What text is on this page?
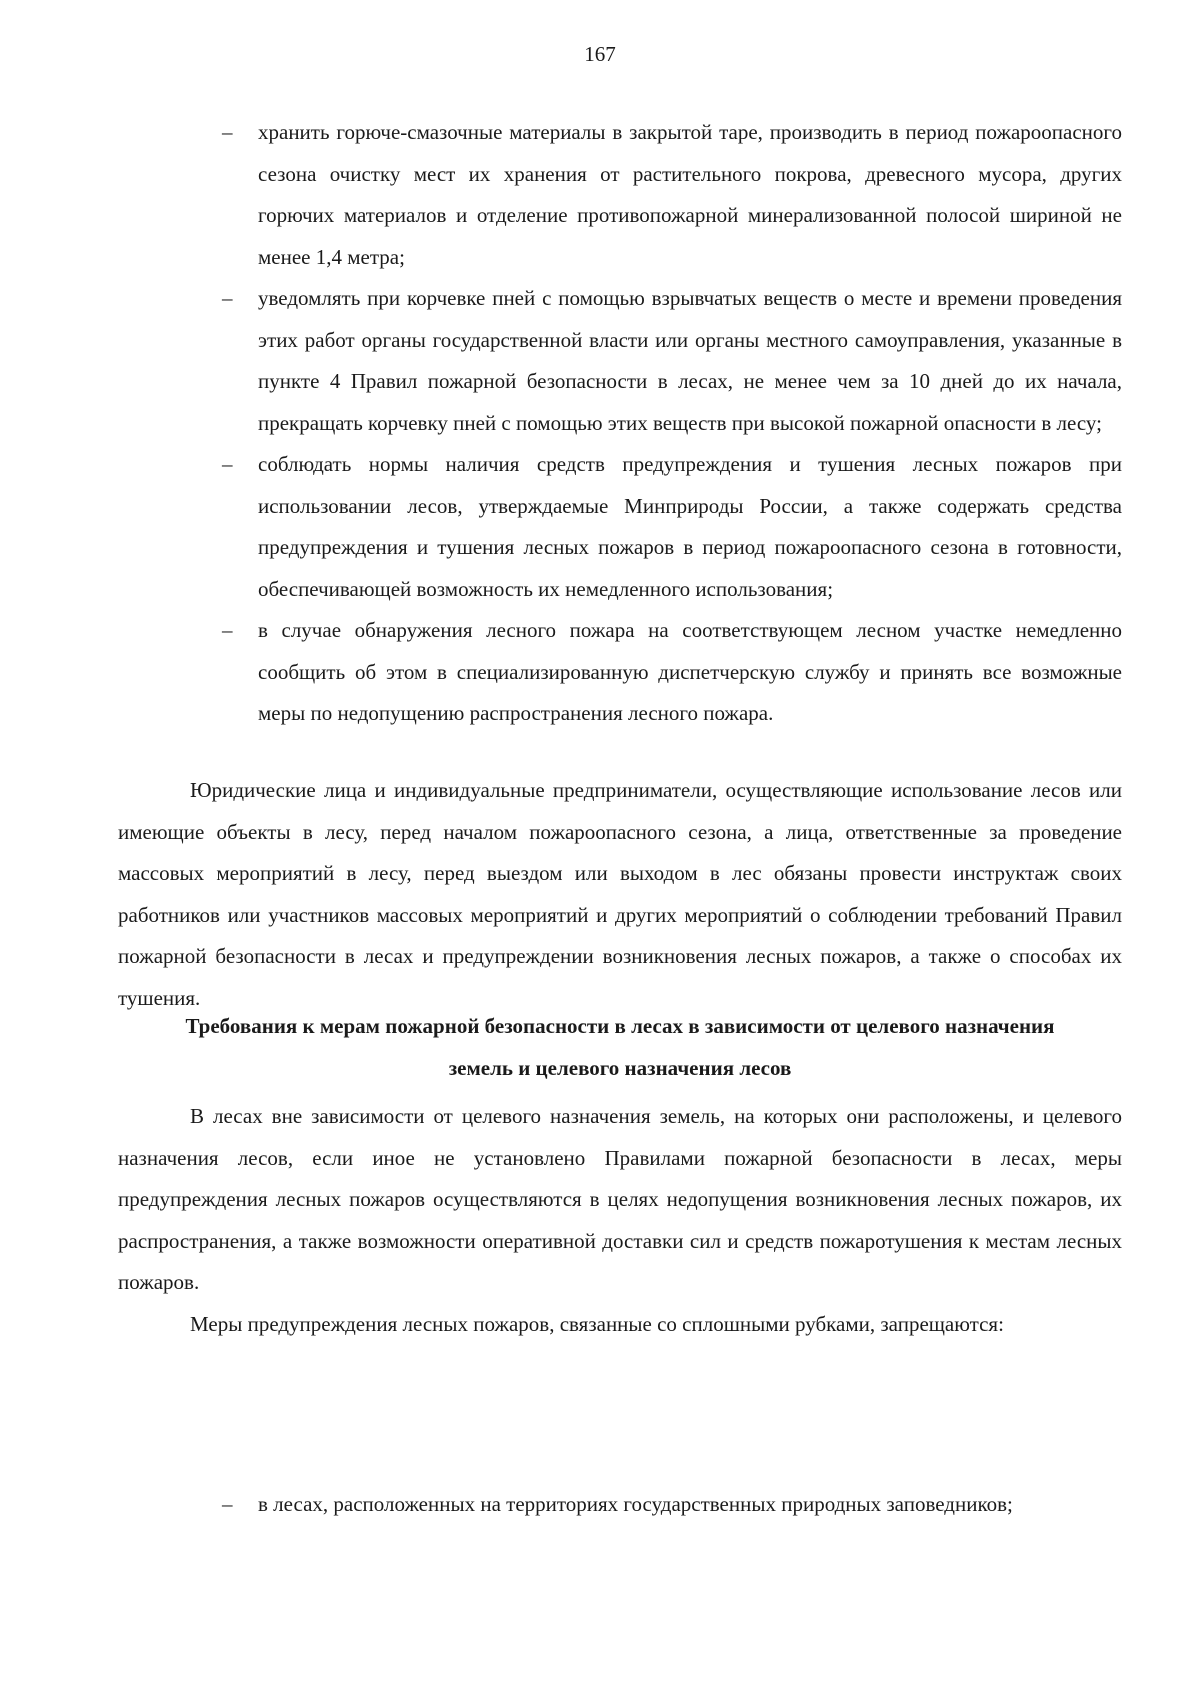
167
– хранить горюче-смазочные материалы в закрытой таре, производить в период пожароопасного сезона очистку мест их хранения от растительного покрова, древесного мусора, других горючих материалов и отделение противопожарной минерализованной полосой шириной не менее 1,4 метра;
– уведомлять при корчевке пней с помощью взрывчатых веществ о месте и времени проведения этих работ органы государственной власти или органы местного самоуправления, указанные в пункте 4 Правил пожарной безопасности в лесах, не менее чем за 10 дней до их начала, прекращать корчевку пней с помощью этих веществ при высокой пожарной опасности в лесу;
– соблюдать нормы наличия средств предупреждения и тушения лесных пожаров при использовании лесов, утверждаемые Минприроды России, а также содержать средства предупреждения и тушения лесных пожаров в период пожароопасного сезона в готовности, обеспечивающей возможность их немедленного использования;
– в случае обнаружения лесного пожара на соответствующем лесном участке немедленно сообщить об этом в специализированную диспетчерскую службу и принять все возможные меры по недопущению распространения лесного пожара.

Юридические лица и индивидуальные предприниматели, осуществляющие использование лесов или имеющие объекты в лесу, перед началом пожароопасного сезона, а лица, ответственные за проведение массовых мероприятий в лесу, перед выездом или выходом в лес обязаны провести инструктаж своих работников или участников массовых мероприятий и других мероприятий о соблюдении требований Правил пожарной безопасности в лесах и предупреждении возникновения лесных пожаров, а также о способах их тушения.

Требования к мерам пожарной безопасности в лесах в зависимости от целевого назначения земель и целевого назначения лесов

В лесах вне зависимости от целевого назначения земель, на которых они расположены, и целевого назначения лесов, если иное не установлено Правилами пожарной безопасности в лесах, меры предупреждения лесных пожаров осуществляются в целях недопущения возникновения лесных пожаров, их распространения, а также возможности оперативной доставки сил и средств пожаротушения к местам лесных пожаров.

Меры предупреждения лесных пожаров, связанные со сплошными рубками, запрещаются:

– в лесах, расположенных на территориях государственных природных заповедников;
